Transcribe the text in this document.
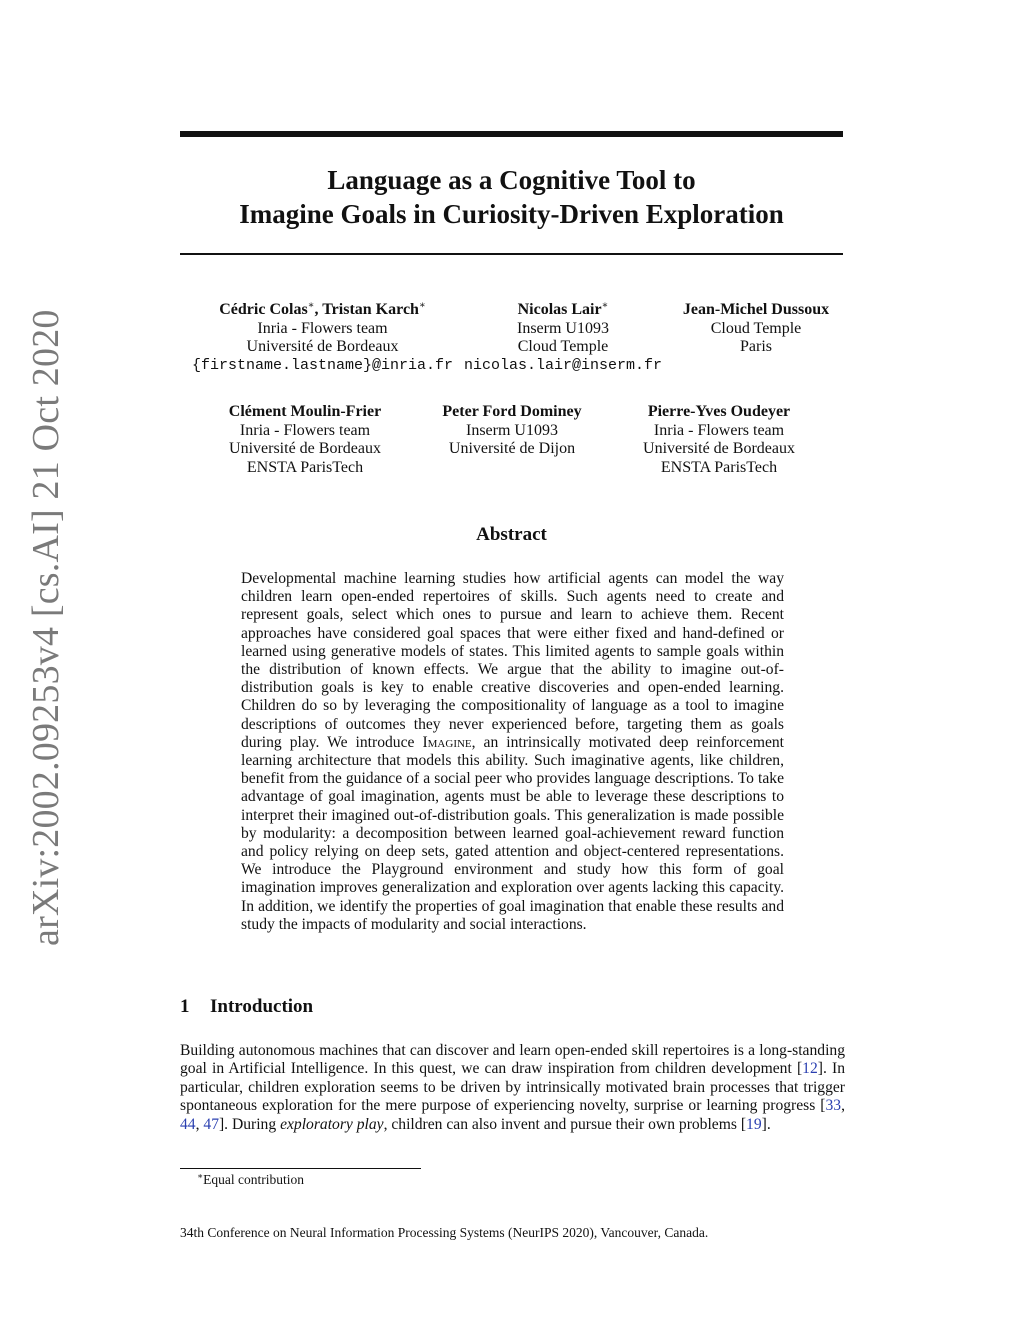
arXiv:2002.09253v4 [cs.AI] 21 Oct 2020
Language as a Cognitive Tool to
Imagine Goals in Curiosity-Driven Exploration
Cédric Colas∗, Tristan Karch∗
Inria - Flowers team
Université de Bordeaux
{firstname.lastname}@inria.fr
Nicolas Lair∗
Inserm U1093
Cloud Temple
nicolas.lair@inserm.fr
Jean-Michel Dussoux
Cloud Temple
Paris
Clément Moulin-Frier
Inria - Flowers team
Université de Bordeaux
ENSTA ParisTech
Peter Ford Dominey
Inserm U1093
Université de Dijon
Pierre-Yves Oudeyer
Inria - Flowers team
Université de Bordeaux
ENSTA ParisTech
Abstract
Developmental machine learning studies how artificial agents can model the way children learn open-ended repertoires of skills. Such agents need to create and represent goals, select which ones to pursue and learn to achieve them. Recent approaches have considered goal spaces that were either fixed and hand-defined or learned using generative models of states. This limited agents to sample goals within the distribution of known effects. We argue that the ability to imagine out-of-distribution goals is key to enable creative discoveries and open-ended learning. Children do so by leveraging the compositionality of language as a tool to imagine descriptions of outcomes they never experienced before, targeting them as goals during play. We introduce Imagine, an intrinsically motivated deep reinforcement learning architecture that models this ability. Such imaginative agents, like children, benefit from the guidance of a social peer who provides language descriptions. To take advantage of goal imagination, agents must be able to leverage these descriptions to interpret their imagined out-of-distribution goals. This generalization is made possible by modularity: a decomposition between learned goal-achievement reward function and policy relying on deep sets, gated attention and object-centered representations. We introduce the Playground environment and study how this form of goal imagination improves generalization and exploration over agents lacking this capacity. In addition, we identify the properties of goal imagination that enable these results and study the impacts of modularity and social interactions.
1 Introduction
Building autonomous machines that can discover and learn open-ended skill repertoires is a long-standing goal in Artificial Intelligence. In this quest, we can draw inspiration from children development [12]. In particular, children exploration seems to be driven by intrinsically motivated brain processes that trigger spontaneous exploration for the mere purpose of experiencing novelty, surprise or learning progress [33, 44, 47]. During exploratory play, children can also invent and pursue their own problems [19].
∗Equal contribution
34th Conference on Neural Information Processing Systems (NeurIPS 2020), Vancouver, Canada.
